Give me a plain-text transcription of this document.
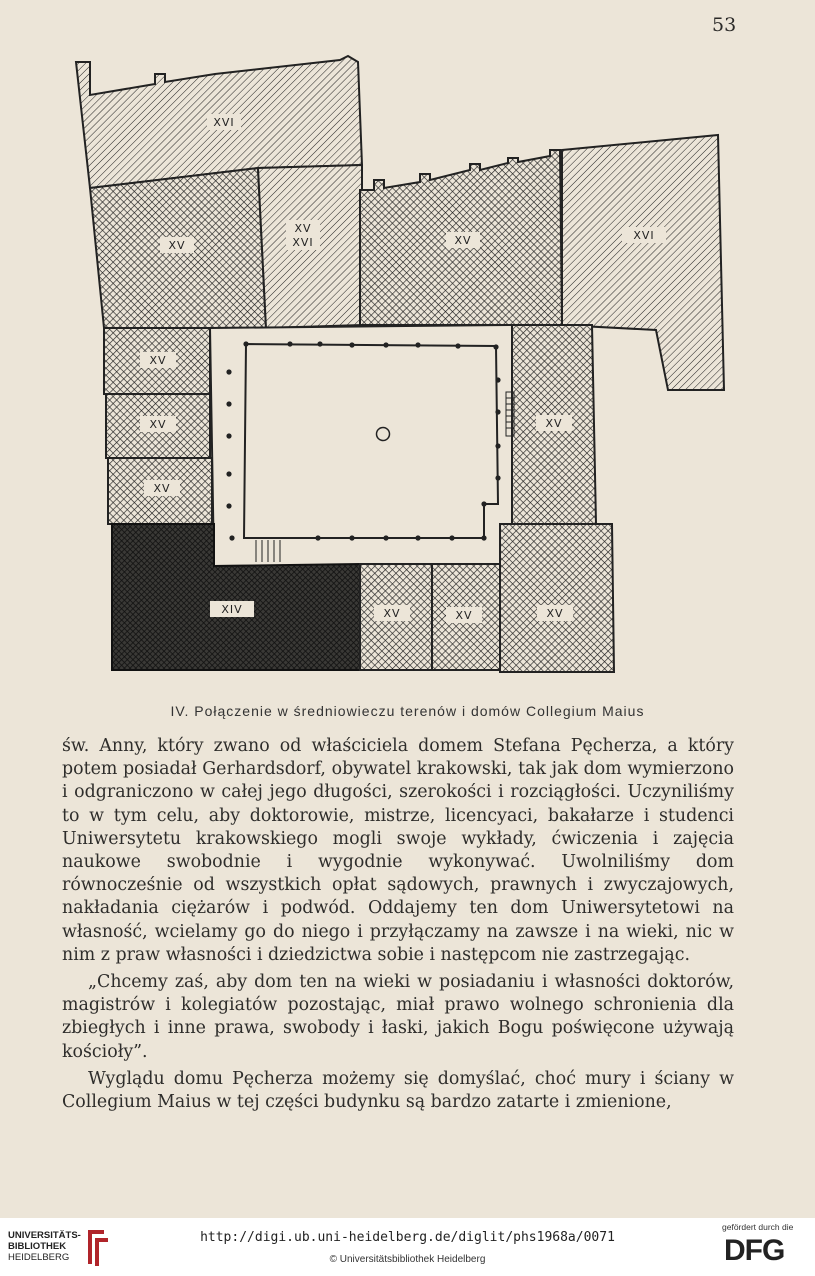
53
XVI
XV
XV
XVI	XV	XVI
XV
XV
XV
XV
XIV	XV	XV	XV
IV. Połączenie w średniowieczu terenów i domów Collegium Maius

św. Anny, który zwano od właściciela domem Stefana Pęcherza, a który potem posiadał Gerhardsdorf, obywatel krakowski, tak jak dom wymierzono i odgraniczono w całej jego długości, szerokości i rozciągłości. Uczyniliśmy to w tym celu, aby doktorowie, mistrze, licencyaci, bakałarze i studenci Uniwersytetu krakowskiego mogli swoje wykłady, ćwiczenia i zajęcia naukowe swobodnie i wygodnie wykonywać. Uwolniliśmy dom równocześnie od wszystkich opłat sądowych, prawnych i zwyczajowych, nakładania ciężarów i podwód. Oddajemy ten dom Uniwersytetowi na własność, wcielamy go do niego i przyłączamy na zawsze i na wieki, nic w nim z praw własności i dziedzictwa sobie i następcom nie zastrzegając.

„Chcemy zaś, aby dom ten na wieki w posiadaniu i własności doktorów, magistrów i kolegiatów pozostając, miał prawo wolnego schronienia dla zbiegłych i inne prawa, swobody i łaski, jakich Bogu poświęcone używają kościoły”.

Wyglądu domu Pęcherza możemy się domyślać, choć mury i ściany w Collegium Maius w tej części budynku są bardzo zatarte i zmienione,

UNIVERSITÄTS-
BIBLIOTHEK
HEIDELBERG
http://digi.ub.uni-heidelberg.de/diglit/phs1968a/0071
© Universitätsbibliothek Heidelberg
gefördert durch die
DFG
